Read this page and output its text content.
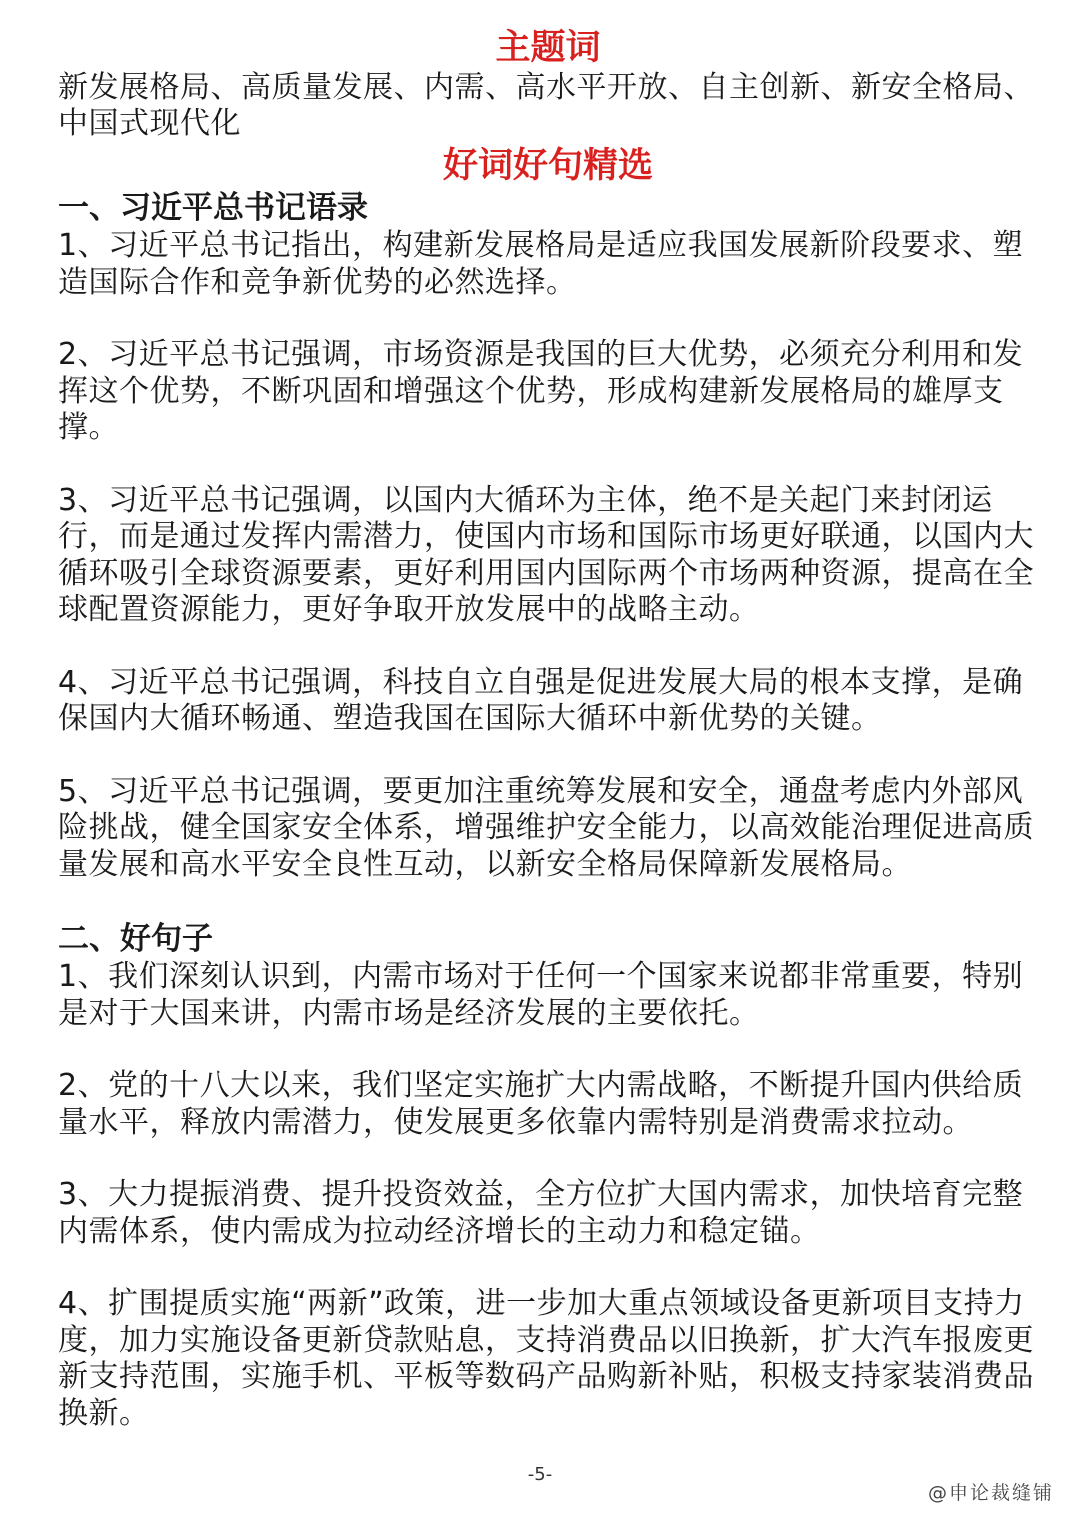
主题词

新发展格局、高质量发展、内需、高水平开放、自主创新、新安全格局、中国式现代化

好词好句精选
一、习近平总书记语录

1、习近平总书记指出，构建新发展格局是适应我国发展新阶段要求、塑造国际合作和竞争新优势的必然选择。

2、习近平总书记强调，市场资源是我国的巨大优势，必须充分利用和发挥这个优势，不断巩固和增强这个优势，形成构建新发展格局的雄厚支撑。

3、习近平总书记强调，以国内大循环为主体，绝不是关起门来封闭运行，而是通过发挥内需潜力，使国内市场和国际市场更好联通，以国内大循环吸引全球资源要素，更好利用国内国际两个市场两种资源，提高在全球配置资源能力，更好争取开放发展中的战略主动。

4、习近平总书记强调，科技自立自强是促进发展大局的根本支撑，是确保国内大循环畅通、塑造我国在国际大循环中新优势的关键。

5、习近平总书记强调，要更加注重统筹发展和安全，通盘考虑内外部风险挑战，健全国家安全体系，增强维护安全能力，以高效能治理促进高质量发展和高水平安全良性互动，以新安全格局保障新发展格局。

二、好句子

1、我们深刻认识到，内需市场对于任何一个国家来说都非常重要，特别是对于大国来讲，内需市场是经济发展的主要依托。

2、党的十八大以来，我们坚定实施扩大内需战略，不断提升国内供给质量水平，释放内需潜力，使发展更多依靠内需特别是消费需求拉动。

3、大力提振消费、提升投资效益，全方位扩大国内需求，加快培育完整内需体系，使内需成为拉动经济增长的主动力和稳定锚。

4、扩围提质实施“两新”政策，进一步加大重点领域设备更新项目支持力度，加力实施设备更新贷款贴息，支持消费品以旧换新，扩大汽车报废更新支持范围，实施手机、平板等数码产品购新补贴，积极支持家装消费品换新。

-5-
@申论裁缝铺
